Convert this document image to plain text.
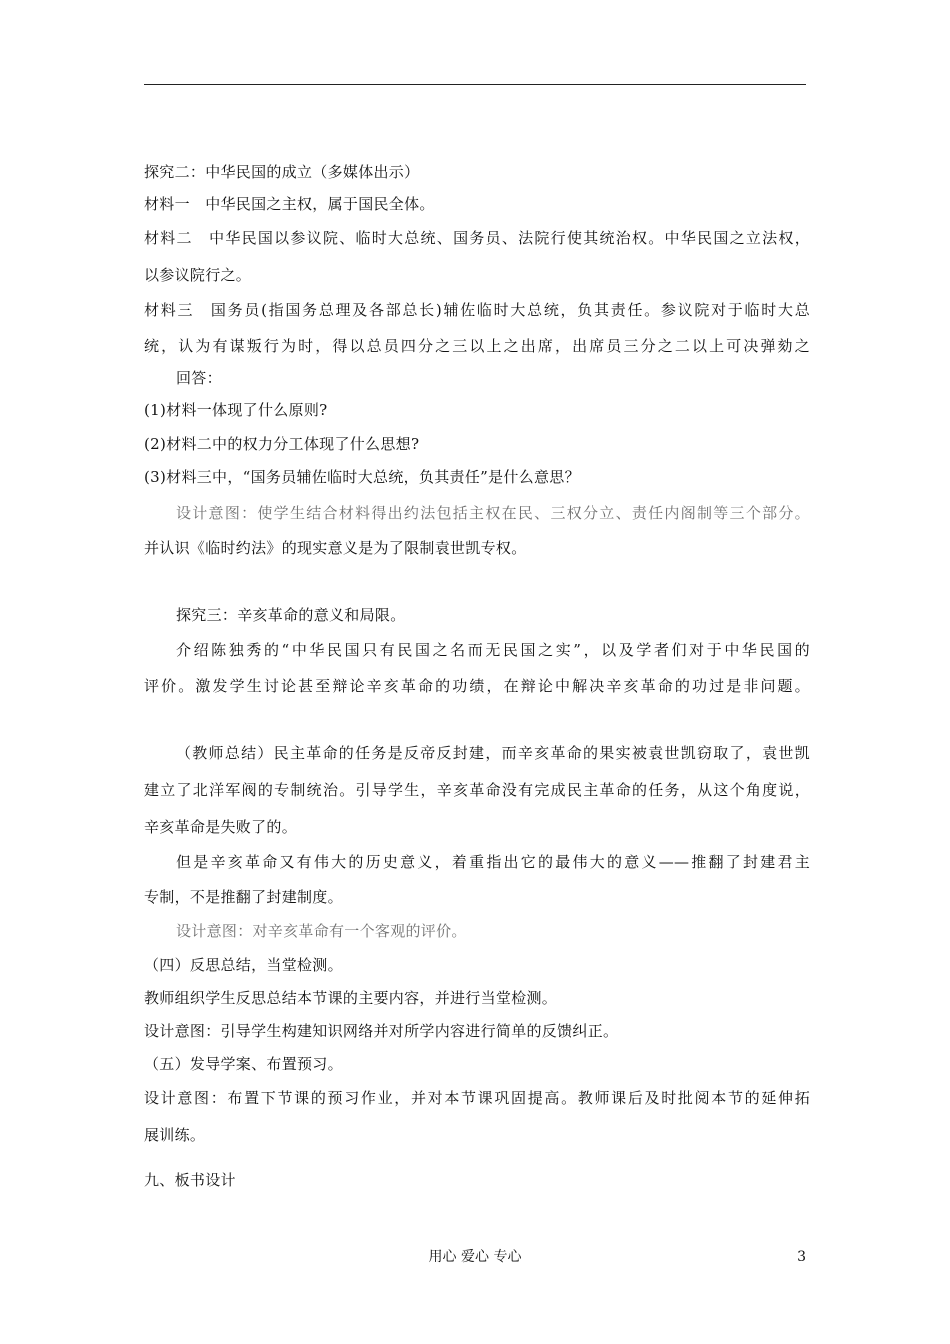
探究二：中华民国的成立（多媒体出示）
材料一　中华民国之主权，属于国民全体。
材料二　中华民国以参议院、临时大总统、国务员、法院行使其统治权。中华民国之立法权，
以参议院行之。
材料三　国务员(指国务总理及各部总长)辅佐临时大总统，负其责任。参议院对于临时大总
统，认为有谋叛行为时，得以总员四分之三以上之出席，出席员三分之二以上可决弹劾之
回答：
(1)材料一体现了什么原则?
(2)材料二中的权力分工体现了什么思想?
(3)材料三中，“国务员辅佐临时大总统，负其责任”是什么意思？
设计意图：使学生结合材料得出约法包括主权在民、三权分立、责任内阁制等三个部分。
并认识《临时约法》的现实意义是为了限制袁世凯专权。
探究三：辛亥革命的意义和局限。
介绍陈独秀的“中华民国只有民国之名而无民国之实”，以及学者们对于中华民国的
评价。激发学生讨论甚至辩论辛亥革命的功绩，在辩论中解决辛亥革命的功过是非问题。
（教师总结）民主革命的任务是反帝反封建，而辛亥革命的果实被袁世凯窃取了，袁世凯
建立了北洋军阀的专制统治。引导学生，辛亥革命没有完成民主革命的任务，从这个角度说，
辛亥革命是失败了的。
但是辛亥革命又有伟大的历史意义，着重指出它的最伟大的意义——推翻了封建君主
专制，不是推翻了封建制度。
设计意图：对辛亥革命有一个客观的评价。
（四）反思总结，当堂检测。
教师组织学生反思总结本节课的主要内容，并进行当堂检测。
设计意图：引导学生构建知识网络并对所学内容进行简单的反馈纠正。
（五）发导学案、布置预习。
设计意图：布置下节课的预习作业，并对本节课巩固提高。教师课后及时批阅本节的延伸拓
展训练。
九、板书设计
用心 爱心 专心	3
